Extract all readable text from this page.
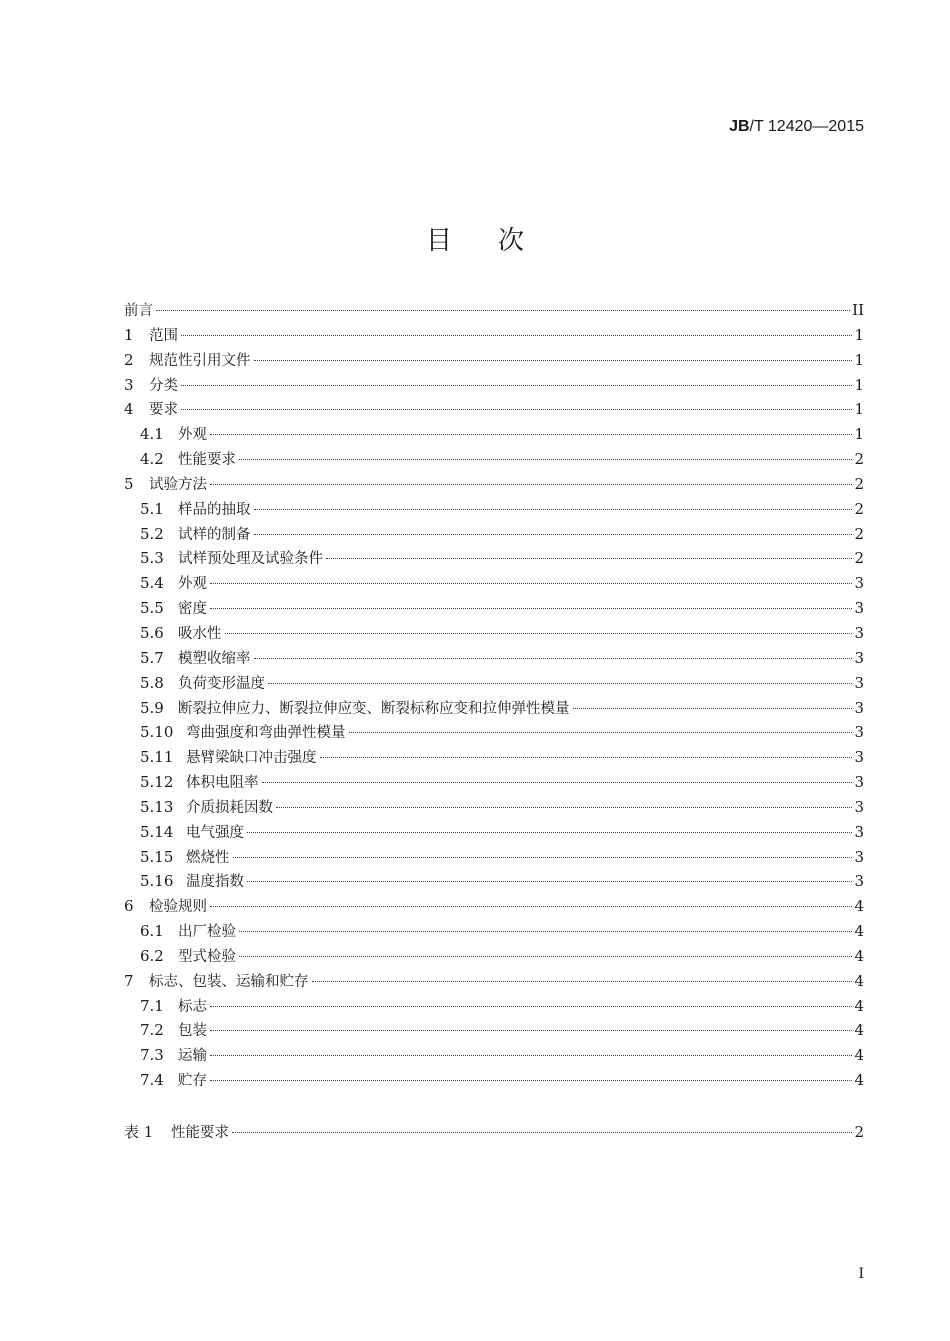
JB/T 12420—2015
目次
前言	II
1	范围	1
2	规范性引用文件	1
3	分类	1
4	要求	1
4.1 外观	1
4.2 性能要求	2
5	试验方法	2
5.1 样品的抽取	2
5.2 试样的制备	2
5.3 试样预处理及试验条件	2
5.4 外观	3
5.5 密度	3
5.6 吸水性	3
5.7 模塑收缩率	3
5.8 负荷变形温度	3
5.9 断裂拉伸应力、断裂拉伸应变、断裂标称应变和拉伸弹性模量	3
5.10 弯曲强度和弯曲弹性模量	3
5.11 悬臂梁缺口冲击强度	3
5.12 体积电阻率	3
5.13 介质损耗因数	3
5.14 电气强度	3
5.15 燃烧性	3
5.16 温度指数	3
6	检验规则	4
6.1 出厂检验	4
6.2 型式检验	4
7	标志、包装、运输和贮存	4
7.1 标志	4
7.2 包装	4
7.3 运输	4
7.4 贮存	4
表 1	性能要求	2
I
